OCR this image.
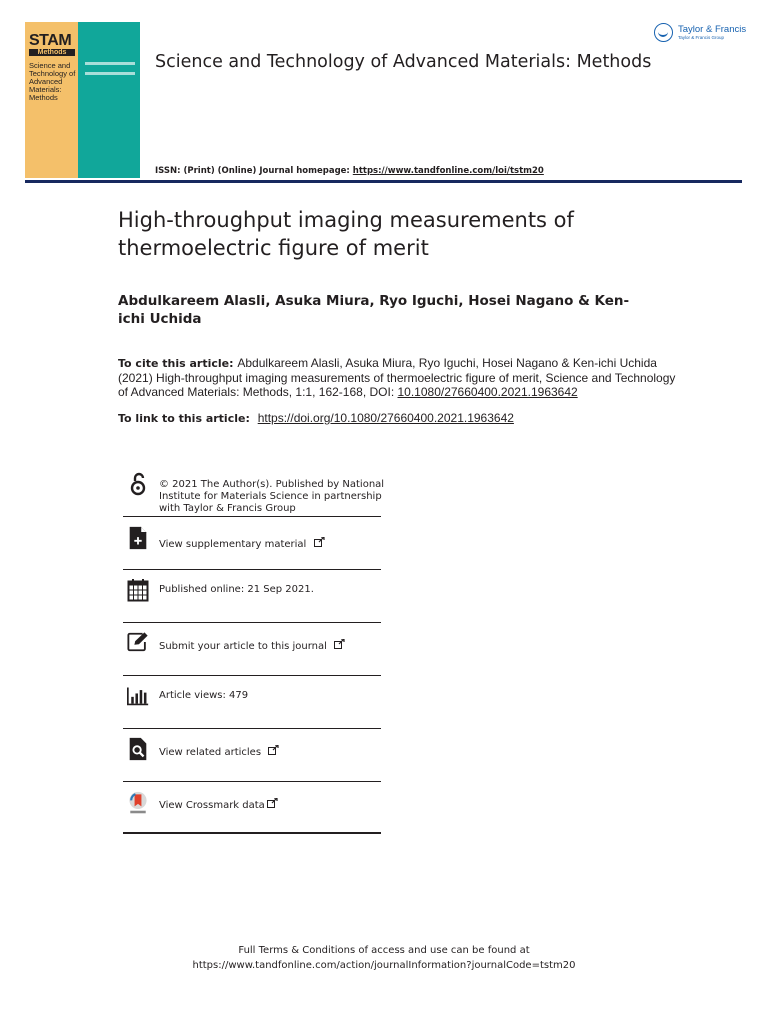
STAM
Methods
Science and Technology of Advanced Materials: Methods
Science and Technology of Advanced Materials: Methods
ISSN: (Print) (Online) Journal homepage: https://www.tandfonline.com/loi/tstm20
Taylor & Francis
Taylor & Francis Group
High-throughput imaging measurements of thermoelectric figure of merit
Abdulkareem Alasli, Asuka Miura, Ryo Iguchi, Hosei Nagano & Ken-ichi Uchida
To cite this article: Abdulkareem Alasli, Asuka Miura, Ryo Iguchi, Hosei Nagano & Ken-ichi Uchida (2021) High-throughput imaging measurements of thermoelectric figure of merit, Science and Technology of Advanced Materials: Methods, 1:1, 162-168, DOI: 10.1080/27660400.2021.1963642
To link to this article: https://doi.org/10.1080/27660400.2021.1963642
© 2021 The Author(s). Published by National Institute for Materials Science in partnership with Taylor & Francis Group
View supplementary material
Published online: 21 Sep 2021.
Submit your article to this journal
Article views: 479
View related articles
View Crossmark data
Full Terms & Conditions of access and use can be found at
https://www.tandfonline.com/action/journalInformation?journalCode=tstm20
